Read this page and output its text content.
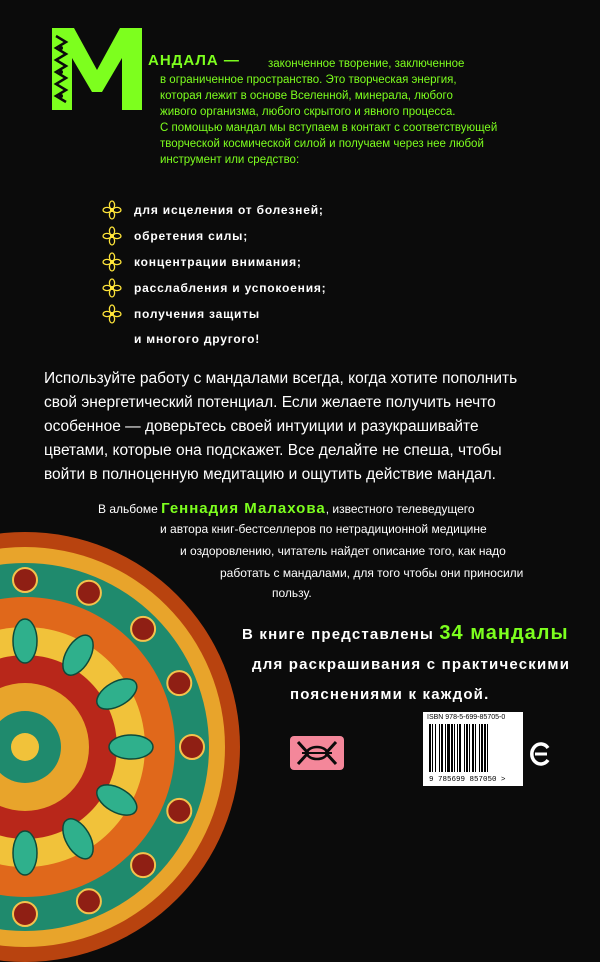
АНДАЛА — законченное творение, заключенное
в ограниченное пространство. Это творческая энергия,
которая лежит в основе Вселенной, минерала, любого
живого организма, любого скрытого и явного процесса.
С помощью мандал мы вступаем в контакт с соответствующей
творческой космической силой и получаем через нее любой
инструмент или средство:
для исцеления от болезней;
обретения силы;
концентрации внимания;
расслабления и успокоения;
получения защиты
и многого другого!
Используйте работу с мандалами всегда, когда хотите пополнить
свой энергетический потенциал. Если желаете получить нечто
особенное — доверьтесь своей интуиции и разукрашивайте
цветами, которые она подскажет. Все делайте не спеша, чтобы
войти в полноценную медитацию и ощутить действие мандал.
В альбоме Геннадия Малахова, известного телеведущего
и автора книг-бестселлеров по нетрадиционной медицине
и оздоровлению, читатель найдет описание того, как надо
работать с мандалами, для того чтобы они приносили
пользу.
В книге представлены 34 мандалы
для раскрашивания с практическими
пояснениями к каждой.
ISBN 978-5-699-85705-0
9 785699 857050 >
